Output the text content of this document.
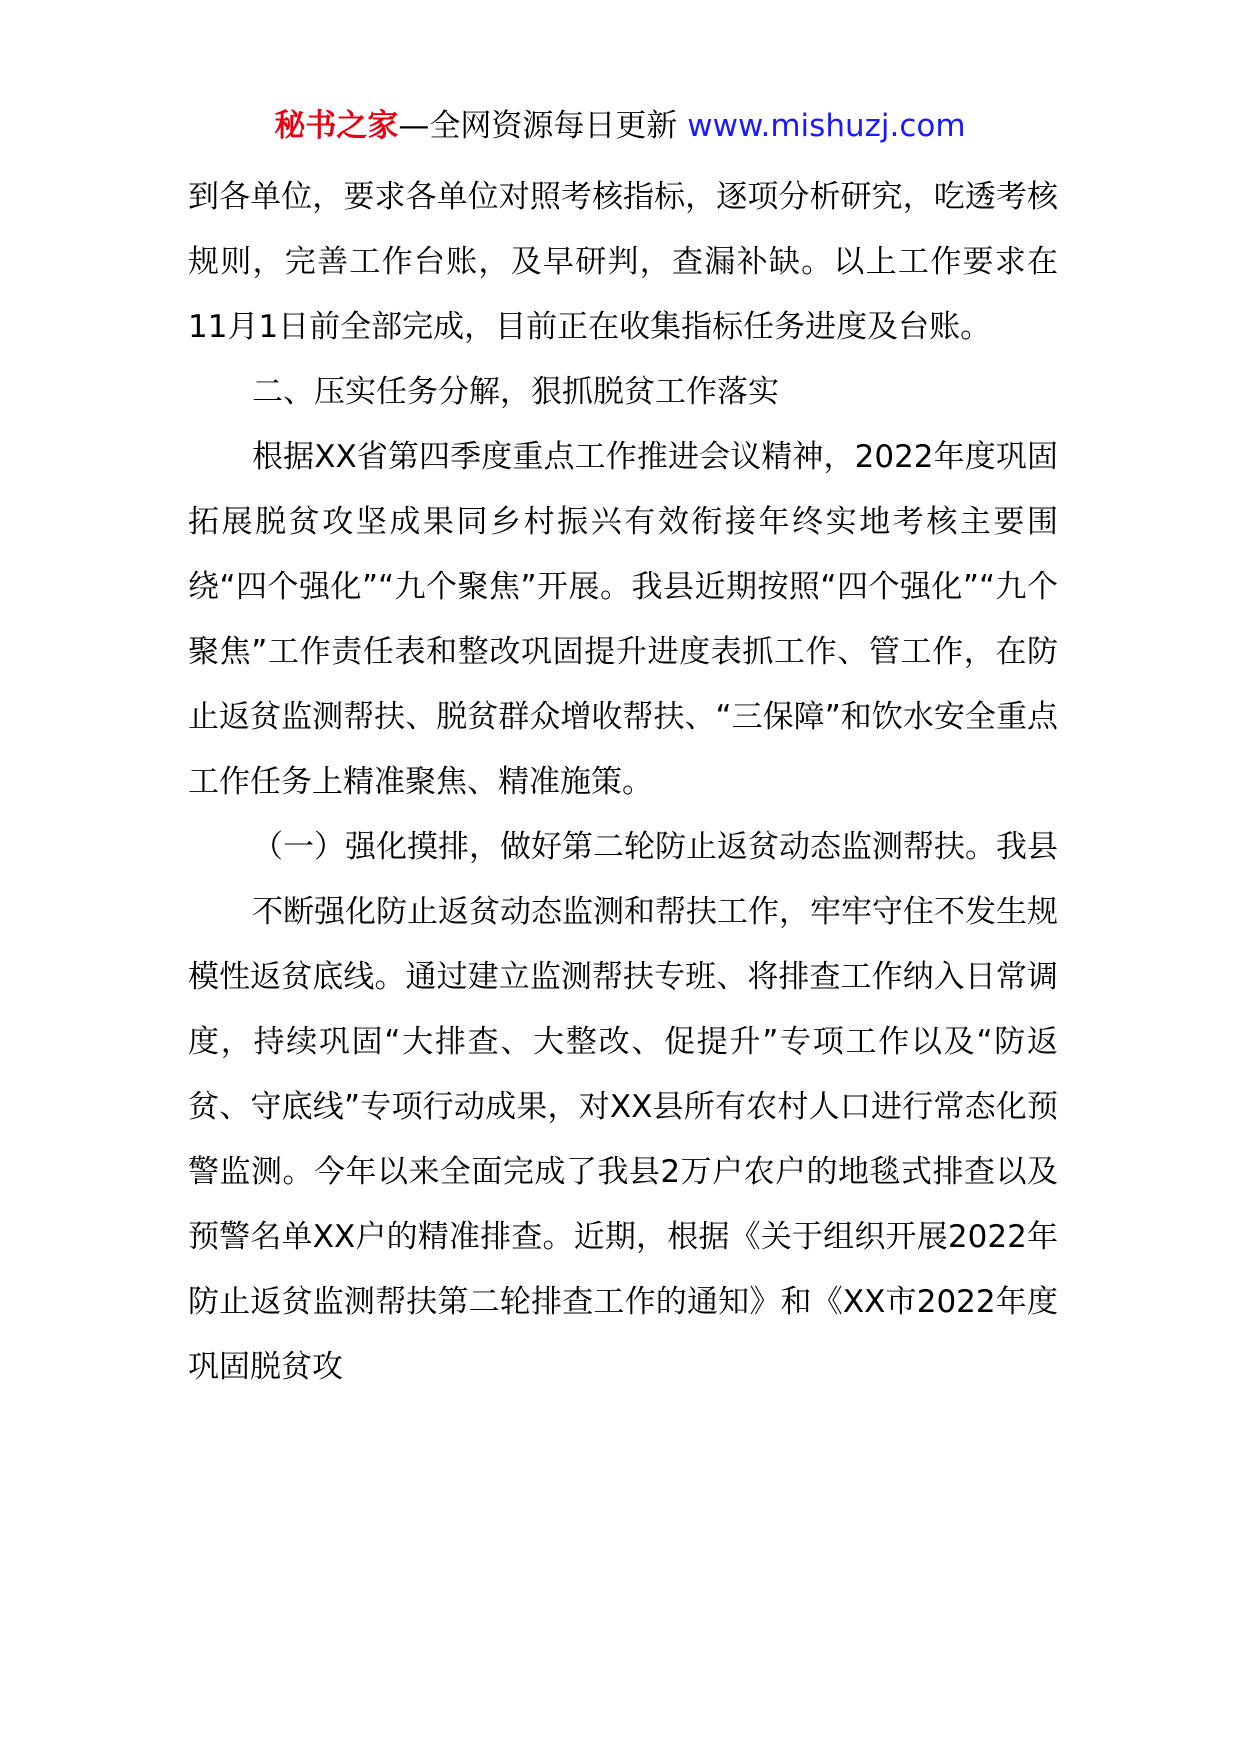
秘书之家—全网资源每日更新 www.mishuzj.com

到各单位，要求各单位对照考核指标，逐项分析研究，吃透考核规则，完善工作台账，及早研判，查漏补缺。以上工作要求在11月1日前全部完成，目前正在收集指标任务进度及台账。

二、压实任务分解，狠抓脱贫工作落实

根据XX省第四季度重点工作推进会议精神，2022年度巩固拓展脱贫攻坚成果同乡村振兴有效衔接年终实地考核主要围绕“四个强化”“九个聚焦”开展。我县近期按照“四个强化”“九个聚焦”工作责任表和整改巩固提升进度表抓工作、管工作，在防止返贫监测帮扶、脱贫群众增收帮扶、“三保障”和饮水安全重点工作任务上精准聚焦、精准施策。

（一）强化摸排，做好第二轮防止返贫动态监测帮扶。我县

不断强化防止返贫动态监测和帮扶工作，牢牢守住不发生规模性返贫底线。通过建立监测帮扶专班、将排查工作纳入日常调度，持续巩固“大排查、大整改、促提升”专项工作以及“防返贫、守底线”专项行动成果，对XX县所有农村人口进行常态化预警监测。今年以来全面完成了我县2万户农户的地毯式排查以及预警名单XX户的精准排查。近期，根据《关于组织开展2022年防止返贫监测帮扶第二轮排查工作的通知》和《XX市2022年度巩固脱贫攻
